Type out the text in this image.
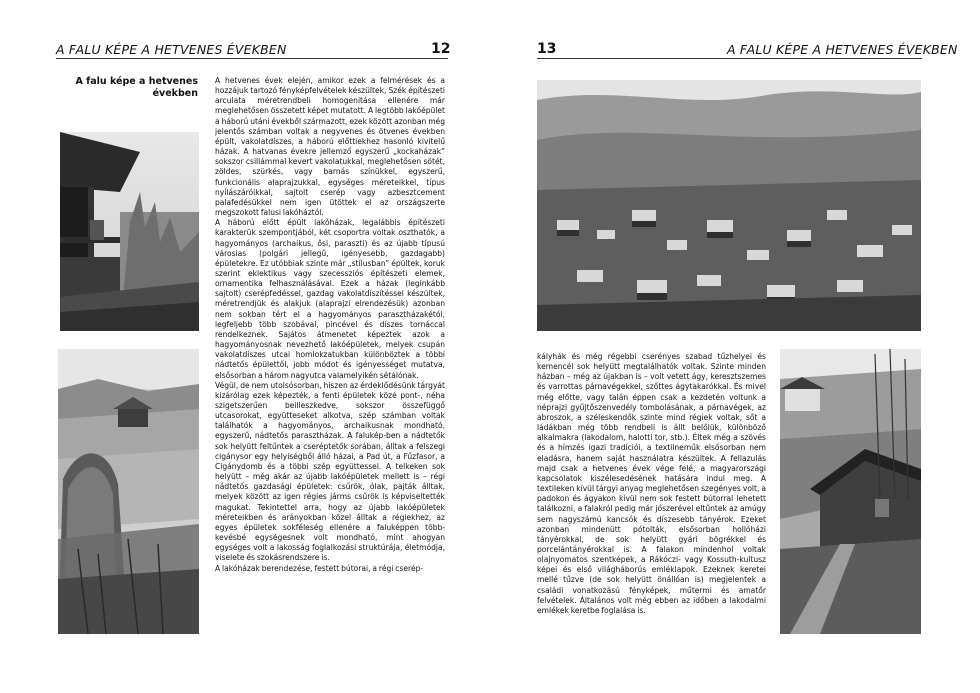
A FALU KÉPE A HETVENES ÉVEKBEN	12
A falu képe a hetvenes években

A hetvenes évek elején, amikor ezek a felmérések és a hozzájuk tartozó fényképfelvételek készültek, Szék építészeti arculata méretrendbeli homogenitása ellenére már meglehetősen összetett képet mutatott. A legtöbb lakóépület a háború utáni évekből származott, ezek között azonban még jelentős számban voltak a negyvenes és ötvenes években épült, vakolatdíszes, a háború előttiekhez hasonló kivitelű házak. A hatvanas évekre jellemző egyszerű „kockaházak” sokszor csillámmal kevert vakolatukkal, meglehetősen sötét, zöldes, szürkés, vagy barnás színükkel, egyszerű, funkcionális alaprajzukkal, egységes méreteikkel, típus nyílászáróikkal, sajtolt cserép vagy azbesztcement palafedésükkel nem igen ütöttek el az országszerte megszokott falusi lakóháztól.

A háború előtt épült lakóházak, legalábbis építészeti karakterük szempontjából, két csoportra voltak oszthatók, a hagyományos (archaikus, ősi, paraszti) és az újabb típusú városias (polgári jellegű, igényesebb, gazdagabb) épületekre. Ez utóbbiak szinte már „stílusban” épültek, koruk szerint eklektikus vagy szecessziós építészeti elemek, ornamentika felhasználásával. Ezek a házak (leginkább sajtolt) cserépfedéssel, gazdag vakolatdíszítéssel készültek, méretrendjük és alakjuk (alaprajzi elrendezésük) azonban nem sokban tért el a hagyományos parasztházakétól, legfeljebb több szobával, pincével és díszes tornáccal rendelkeznek. Sajátos átmenetet képeztek azok a hagyományosnak nevezhető lakóépületek, melyek csupán vakolatdíszes utcai homlokzatukban különböztek a többi nádtetős épülettől, jobb módot és igényességet mutatva, elsősorban a három nagyutca valamelyikén sétálónak.

Végül, de nem utolsósorban, hiszen az érdeklődésünk tárgyát kizárólag ezek képezték, a fenti épületek közé pont-, néha szigetszerűen beilleszkedve, sokszor összefüggő utcasorokat, együtteseket alkotva, szép számban voltak találhatók a hagyományos, archaikusnak mondható, egyszerű, nádtetős parasztházak. A falukép-ben a nádtetők sok helyütt feltűntek a cseréptetők sorában, álltak a felszegi cigánysor egy helyiségből álló házai, a Pad út, a Fűzfasor, a Cigánydomb és a többi szép együttessel. A telkeken sok helyütt – még akár az újabb lakóépületek mellett is – régi nádtetős gazdasági épületek: csűrök, ólak, pajták álltak, melyek között az igen régies járms csűrök is képviseltették magukat. Tekintettel arra, hogy az újabb lakóépületek méreteikben és arányokban közel álltak a régiekhez, az egyes épületek sokféleség ellenére a faluképpen több-kevésbé egységesnek volt mondható, mint ahogyan egységes volt a lakosság foglalkozási struktúrája, életmódja, viselete és szokásrendszere is.

A lakóházak berendezése, festett bútorai, a régi cserép-

13	A FALU KÉPE A HETVENES ÉVEKBEN

kályhák és még régebbi cserényes szabad tűzhelyei és kemencéi sok helyütt megtalálhatók voltak. Szinte minden házban – még az újakban is – volt vetett ágy, keresztszemes és varrottas párnavégekkel, szőttes ágytakarókkal. És mivel még előtte, vagy talán éppen csak a kezdetén voltunk a néprajzi gyűjtőszenvedély tombolásának, a párnavégek, az abroszok, a széleskendők szinte mind régiek voltak, sőt a ládákban még több rendbeli is állt belőlük, különböző alkalmakra (lakodalom, halotti tor, stb.). Éltek még a szövés és a hímzés igazi tradíciói, a textilneműk elsősorban nem eladásra, hanem saját használatra készültek. A fellazulás majd csak a hetvenes évek vége felé, a magyarországi kapcsolatok kiszélesedésének hatására indul meg. A textileken kívül tárgyi anyag meglehetősen szegényes volt, a padokon és ágyakon kívül nem sok festett bútorral lehetett találkozni, a falakról pedig már jószerével eltűntek az amúgy sem nagyszámú kancsók és díszesebb tányérok. Ezeket azonban mindenütt pótolták, elsősorban hollóházi tányérokkal, de sok helyütt gyári bögrékkel és porcelántányérokkal is. A falakon mindenhol voltak olajnyomatos szentképek, a Rákóczi- vagy Kossuth-kultusz képei és első világháborús emléklapok. Ezeknek keretei mellé tűzve (de sok helyütt önállóan is) megjelentek a családi vonatkozású fényképek, műtermi és amatőr felvételek. Általános volt még ebben az időben a lakodalmi emlékek keretbe foglalása is.
